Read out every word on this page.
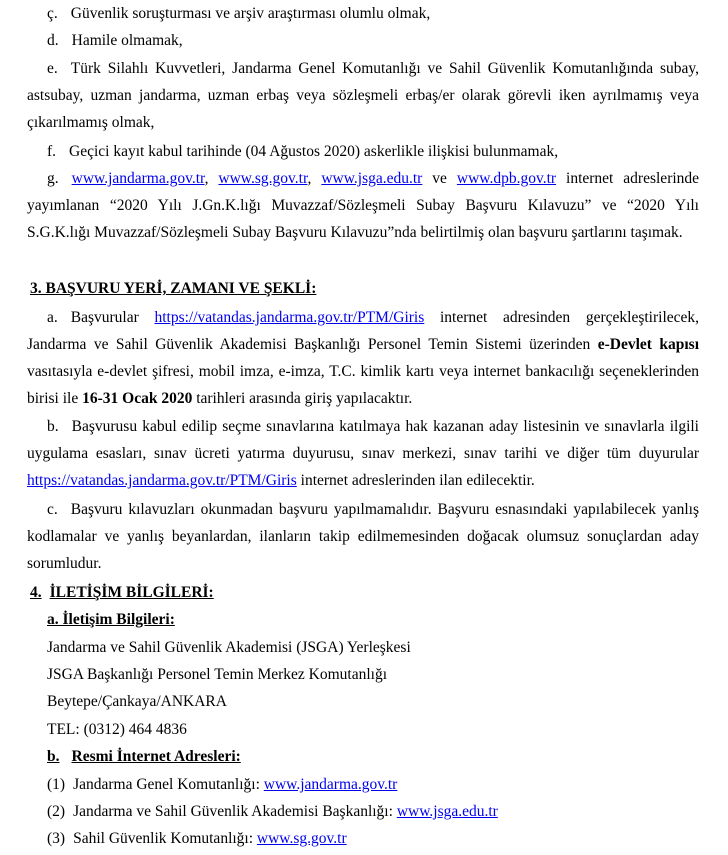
ç. Güvenlik soruşturması ve arşiv araştırması olumlu olmak,

d. Hamile olmamak,

e. Türk Silahlı Kuvvetleri, Jandarma Genel Komutanlığı ve Sahil Güvenlik Komutanlığında subay, astsubay, uzman jandarma, uzman erbaş veya sözleşmeli erbaş/er olarak görevli iken ayrılmamış veya çıkarılmamış olmak,

f. Geçici kayıt kabul tarihinde (04 Ağustos 2020) askerlikle ilişkisi bulunmamak,

g. www.jandarma.gov.tr, www.sg.gov.tr, www.jsga.edu.tr ve www.dpb.gov.tr internet adreslerinde yayımlanan “2020 Yılı J.Gn.K.lığı Muvazzaf/Sözleşmeli Subay Başvuru Kılavuzu” ve “2020 Yılı S.G.K.lığı Muvazzaf/Sözleşmeli Subay Başvuru Kılavuzu”nda belirtilmiş olan başvuru şartlarını taşımak.

3. BAŞVURU YERİ, ZAMANI VE ŞEKLİ:

a. Başvurular https://vatandas.jandarma.gov.tr/PTM/Giris internet adresinden gerçekleştirilecek, Jandarma ve Sahil Güvenlik Akademisi Başkanlığı Personel Temin Sistemi üzerinden e-Devlet kapısı vasıtasıyla e-devlet şifresi, mobil imza, e-imza, T.C. kimlik kartı veya internet bankacılığı seçeneklerinden birisi ile 16-31 Ocak 2020 tarihleri arasında giriş yapılacaktır.

b. Başvurusu kabul edilip seçme sınavlarına katılmaya hak kazanan aday listesinin ve sınavlarla ilgili uygulama esasları, sınav ücreti yatırma duyurusu, sınav merkezi, sınav tarihi ve diğer tüm duyurular https://vatandas.jandarma.gov.tr/PTM/Giris internet adreslerinden ilan edilecektir.

c. Başvuru kılavuzları okunmadan başvuru yapılmamalıdır. Başvuru esnasındaki yapılabilecek yanlış kodlamalar ve yanlış beyanlardan, ilanların takip edilmemesinden doğacak olumsuz sonuçlardan aday sorumludur.

4. İLETİŞİM BİLGİLERİ:

a. İletişim Bilgileri:

Jandarma ve Sahil Güvenlik Akademisi (JSGA) Yerleşkesi

JSGA Başkanlığı Personel Temin Merkez Komutanlığı

Beytepe/Çankaya/ANKARA

TEL: (0312) 464 4836

b. Resmi İnternet Adresleri:

(1) Jandarma Genel Komutanlığı: www.jandarma.gov.tr

(2) Jandarma ve Sahil Güvenlik Akademisi Başkanlığı: www.jsga.edu.tr

(3) Sahil Güvenlik Komutanlığı: www.sg.gov.tr
